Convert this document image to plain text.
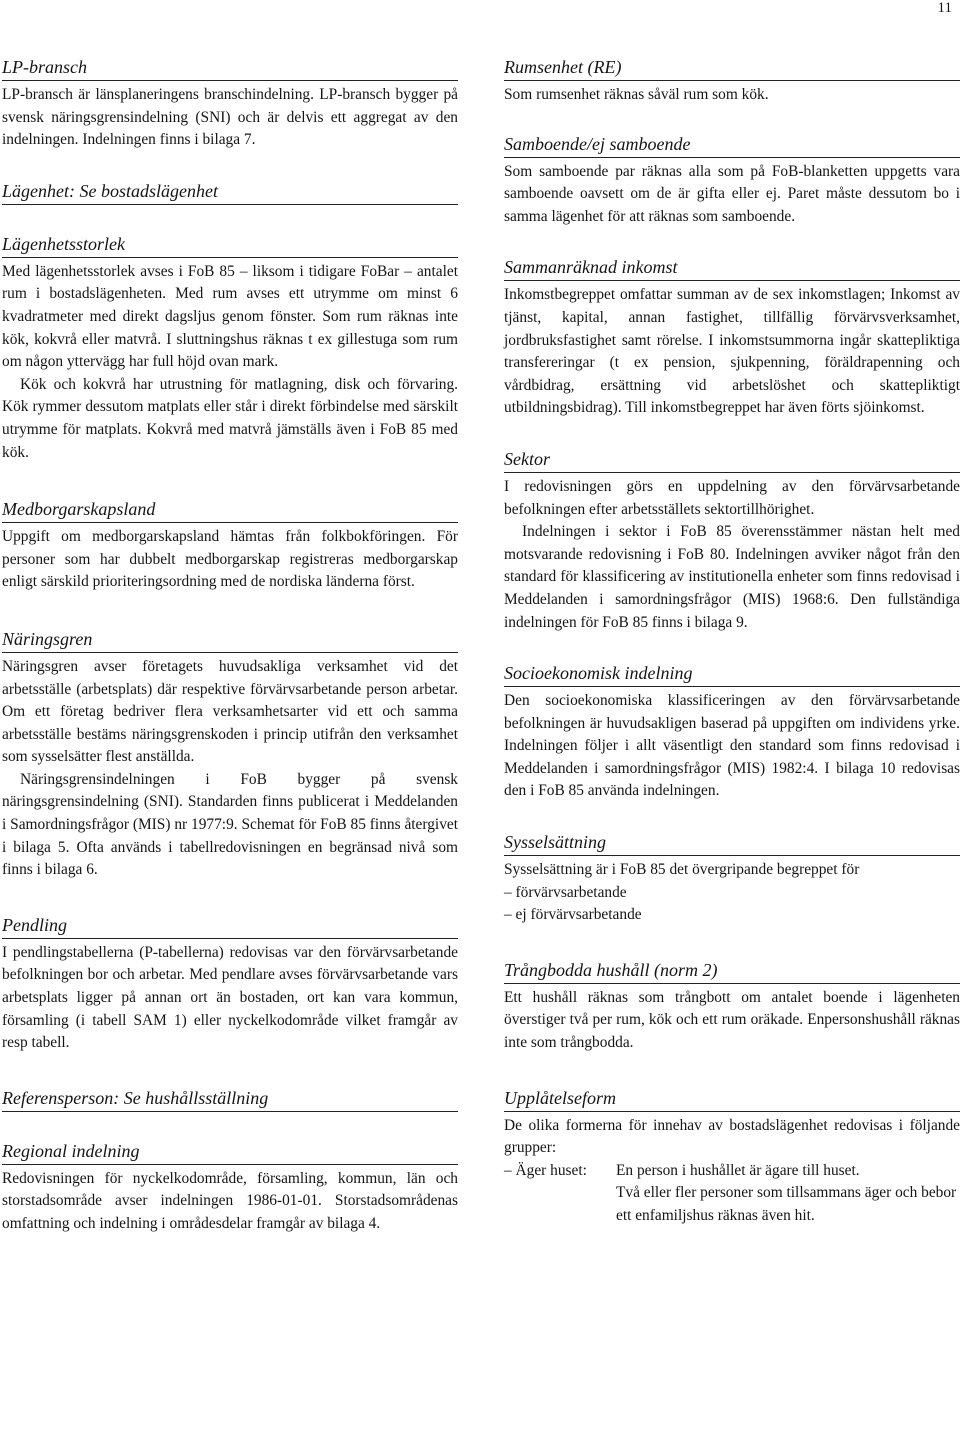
11
LP-bransch

LP-bransch är länsplaneringens branschindelning. LP-bransch bygger på svensk näringsgrensindelning (SNI) och är delvis ett aggregat av den indelningen. Indelningen finns i bilaga 7.

Lägenhet: Se bostadslägenhet
Lägenhetsstorlek

Med lägenhetsstorlek avses i FoB 85 – liksom i tidigare FoBar – antalet rum i bostadslägenheten. Med rum avses ett utrymme om minst 6 kvadratmeter med direkt dagsljus genom fönster. Som rum räknas inte kök, kokvrå eller matvrå. I sluttningshus räknas t ex gillestuga som rum om någon yttervägg har full höjd ovan mark.

Kök och kokvrå har utrustning för matlagning, disk och förvaring. Kök rymmer dessutom matplats eller står i direkt förbindelse med särskilt utrymme för matplats. Kokvrå med matvrå jämställs även i FoB 85 med kök.

Medborgarskapsland

Uppgift om medborgarskapsland hämtas från folkbokföringen. För personer som har dubbelt medborgarskap registreras medborgarskap enligt särskild prioriteringsordning med de nordiska länderna först.

Näringsgren

Näringsgren avser företagets huvudsakliga verksamhet vid det arbetsställe (arbetsplats) där respektive förvärvsarbetande person arbetar. Om ett företag bedriver flera verksamhetsarter vid ett och samma arbetsställe bestäms näringsgrenskoden i princip utifrån den verksamhet som sysselsätter flest anställda.

Näringsgrensindelningen i FoB bygger på svensk näringsgrensindelning (SNI). Standarden finns publicerat i Meddelanden i Samordningsfrågor (MIS) nr 1977:9. Schemat för FoB 85 finns återgivet i bilaga 5. Ofta används i tabellredovisningen en begränsad nivå som finns i bilaga 6.

Pendling

I pendlingstabellerna (P-tabellerna) redovisas var den förvärvsarbetande befolkningen bor och arbetar. Med pendlare avses förvärvsarbetande vars arbetsplats ligger på annan ort än bostaden, ort kan vara kommun, församling (i tabell SAM 1) eller nyckelkodområde vilket framgår av resp tabell.

Referensperson: Se hushållsställning
Regional indelning

Redovisningen för nyckelkodområde, församling, kommun, län och storstadsområde avser indelningen 1986-01-01. Storstadsområdenas omfattning och indelning i områdesdelar framgår av bilaga 4.

Rumsenhet (RE)

Som rumsenhet räknas såväl rum som kök.

Samboende/ej samboende

Som samboende par räknas alla som på FoB-blanketten uppgetts vara samboende oavsett om de är gifta eller ej. Paret måste dessutom bo i samma lägenhet för att räknas som samboende.

Sammanräknad inkomst

Inkomstbegreppet omfattar summan av de sex inkomstlagen; Inkomst av tjänst, kapital, annan fastighet, tillfällig förvärvsverksamhet, jordbruksfastighet samt rörelse. I inkomstsummorna ingår skattepliktiga transfereringar (t ex pension, sjukpenning, föräldrapenning och vårdbidrag, ersättning vid arbetslöshet och skattepliktigt utbildningsbidrag). Till inkomstbegreppet har även förts sjöinkomst.

Sektor

I redovisningen görs en uppdelning av den förvärvsarbetande befolkningen efter arbetsställets sektortillhörighet.

Indelningen i sektor i FoB 85 överensstämmer nästan helt med motsvarande redovisning i FoB 80. Indelningen avviker något från den standard för klassificering av institutionella enheter som finns redovisad i Meddelanden i samordningsfrågor (MIS) 1968:6. Den fullständiga indelningen för FoB 85 finns i bilaga 9.

Socioekonomisk indelning

Den socioekonomiska klassificeringen av den förvärvsarbetande befolkningen är huvudsakligen baserad på uppgiften om individens yrke. Indelningen följer i allt väsentligt den standard som finns redovisad i Meddelanden i samordningsfrågor (MIS) 1982:4. I bilaga 10 redovisas den i FoB 85 använda indelningen.

Sysselsättning

Sysselsättning är i FoB 85 det övergripande begreppet för

– förvärvsarbetande
– ej förvärvsarbetande
Trångbodda hushåll (norm 2)

Ett hushåll räknas som trångbott om antalet boende i lägenheten överstiger två per rum, kök och ett rum oräkade. Enpersonshushåll räknas inte som trångbodda.

Upplåtelseform

De olika formerna för innehav av bostadslägenhet redovisas i följande grupper:

– Äger huset:	En person i hushållet är ägare till huset.
Två eller fler personer som tillsammans äger och bebor ett enfamiljshus räknas även hit.
